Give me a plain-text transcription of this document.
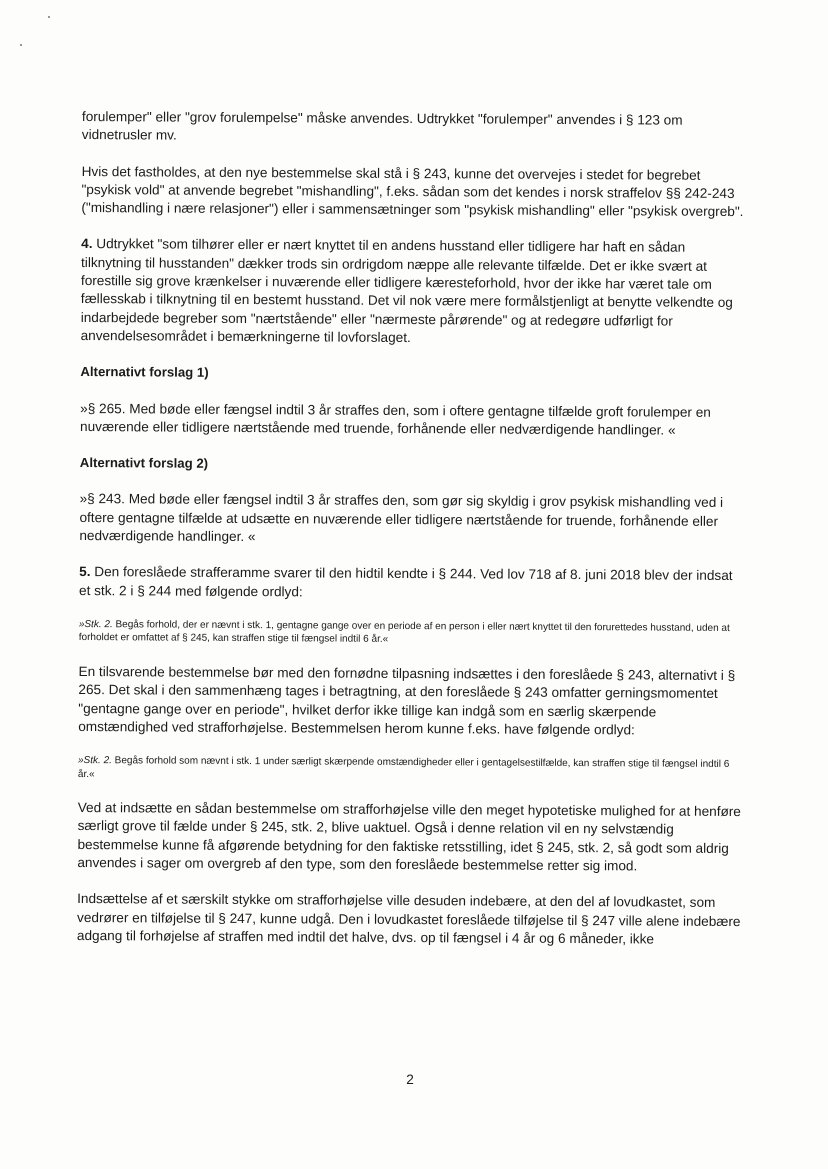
forulemper" eller "grov forulempelse" måske anvendes. Udtrykket "forulemper" anvendes i § 123 om vidnetrusler mv.

Hvis det fastholdes, at den nye bestemmelse skal stå i § 243, kunne det overvejes i stedet for begrebet "psykisk vold" at anvende begrebet "mishandling", f.eks. sådan som det kendes i norsk straffelov §§ 242-243 ("mishandling i nære relasjoner") eller i sammensætninger som "psykisk mishandling" eller "psykisk overgreb".

4. Udtrykket "som tilhører eller er nært knyttet til en andens husstand eller tidligere har haft en sådan tilknytning til husstanden" dækker trods sin ordrigdom næppe alle relevante tilfælde. Det er ikke svært at forestille sig grove krænkelser i nuværende eller tidligere kæresteforhold, hvor der ikke har været tale om fællesskab i tilknytning til en bestemt husstand. Det vil nok være mere formålstjenligt at benytte velkendte og indarbejdede begreber som "nærtstående" eller "nærmeste pårørende" og at redegøre udførligt for anvendelsesområdet i bemærkningerne til lovforslaget.

Alternativt forslag 1)

»§ 265. Med bøde eller fængsel indtil 3 år straffes den, som i oftere gentagne tilfælde groft forulemper en nuværende eller tidligere nærtstående med truende, forhånende eller nedværdigende handlinger. «

Alternativt forslag 2)

»§ 243. Med bøde eller fængsel indtil 3 år straffes den, som gør sig skyldig i grov psykisk mishandling ved i oftere gentagne tilfælde at udsætte en nuværende eller tidligere nærtstående for truende, forhånende eller nedværdigende handlinger. «

5. Den foreslåede strafferamme svarer til den hidtil kendte i § 244. Ved lov 718 af 8. juni 2018 blev der indsat et stk. 2 i § 244 med følgende ordlyd:

»Stk. 2. Begås forhold, der er nævnt i stk. 1, gentagne gange over en periode af en person i eller nært knyttet til den forurettedes husstand, uden at forholdet er omfattet af § 245, kan straffen stige til fængsel indtil 6 år.«

En tilsvarende bestemmelse bør med den fornødne tilpasning indsættes i den foreslåede § 243, alternativt i § 265. Det skal i den sammenhæng tages i betragtning, at den foreslåede § 243 omfatter gerningsmomentet "gentagne gange over en periode", hvilket derfor ikke tillige kan indgå som en særlig skærpende omstændighed ved strafforhøjelse. Bestemmelsen herom kunne f.eks. have følgende ordlyd:

»Stk. 2. Begås forhold som nævnt i stk. 1 under særligt skærpende omstændigheder eller i gentagelsestilfælde, kan straffen stige til fængsel indtil 6 år.«

Ved at indsætte en sådan bestemmelse om strafforhøjelse ville den meget hypotetiske mulighed for at henføre særligt grove til fælde under § 245, stk. 2, blive uaktuel. Også i denne relation vil en ny selvstændig bestemmelse kunne få afgørende betydning for den faktiske retsstilling, idet § 245, stk. 2, så godt som aldrig anvendes i sager om overgreb af den type, som den foreslåede bestemmelse retter sig imod.

Indsættelse af et særskilt stykke om strafforhøjelse ville desuden indebære, at den del af lovudkastet, som vedrører en tilføjelse til § 247, kunne udgå. Den i lovudkastet foreslåede tilføjelse til § 247 ville alene indebære adgang til forhøjelse af straffen med indtil det halve, dvs. op til fængsel i 4 år og 6 måneder, ikke

2
